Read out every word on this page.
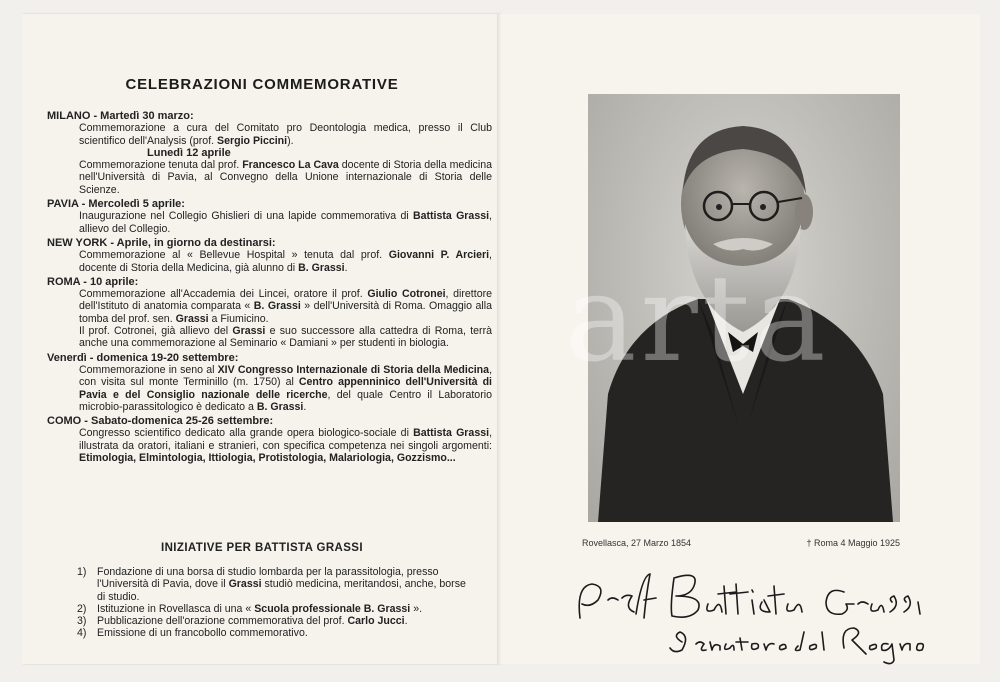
CELEBRAZIONI COMMEMORATIVE
MILANO - Martedì 30 marzo:
Commemorazione a cura del Comitato pro Deontologia medica, presso il Club scientifico dell'Analysis (prof. Sergio Piccini).
Lunedì 12 aprile
Commemorazione tenuta dal prof. Francesco La Cava docente di Storia della medicina nell'Università di Pavia, al Convegno della Unione internazionale di Storia delle Scienze.
PAVIA - Mercoledì 5 aprile:
Inaugurazione nel Collegio Ghislieri di una lapide commemorativa di Battista Grassi, allievo del Collegio.
NEW YORK - Aprile, in giorno da destinarsi:
Commemorazione al « Bellevue Hospital » tenuta dal prof. Giovanni P. Arcieri, docente di Storia della Medicina, già alunno di B. Grassi.
ROMA - 10 aprile:
Commemorazione all'Accademia dei Lincei, oratore il prof. Giulio Cotronei, direttore dell'Istituto di anatomia comparata « B. Grassi » dell'Università di Roma. Omaggio alla tomba del prof. sen. Grassi a Fiumicino.
Il prof. Cotronei, già allievo del Grassi e suo successore alla cattedra di Roma, terrà anche una commemorazione al Seminario « Damiani » per studenti in biologia.
Venerdì - domenica 19-20 settembre:
Commemorazione in seno al XIV Congresso Internazionale di Storia della Medicina, con visita sul monte Terminillo (m. 1750) al Centro appenninico dell'Università di Pavia e del Consiglio nazionale delle ricerche, del quale Centro il Laboratorio microbio-parassitologico è dedicato a B. Grassi.
COMO - Sabato-domenica 25-26 settembre:
Congresso scientifico dedicato alla grande opera biologico-sociale di Battista Grassi, illustrata da oratori, italiani e stranieri, con specifica competenza nei singoli argomenti: Etimologia, Elmintologia, Ittiologia, Protistologia, Malariologia, Gozzismo...
INIZIATIVE PER BATTISTA GRASSI
1) Fondazione di una borsa di studio lombarda per la parassitologia, presso l'Università di Pavia, dove il Grassi studiò medicina, meritandosi, anche, borse di studio.
2) Istituzione in Rovellasca di una « Scuola professionale B. Grassi ».
3) Pubblicazione dell'orazione commemorativa del prof. Carlo Jucci.
4) Emissione di un francobollo commemorativo.
Rovellasca, 27 Marzo 1854	† Roma 4 Maggio 1925
arta
